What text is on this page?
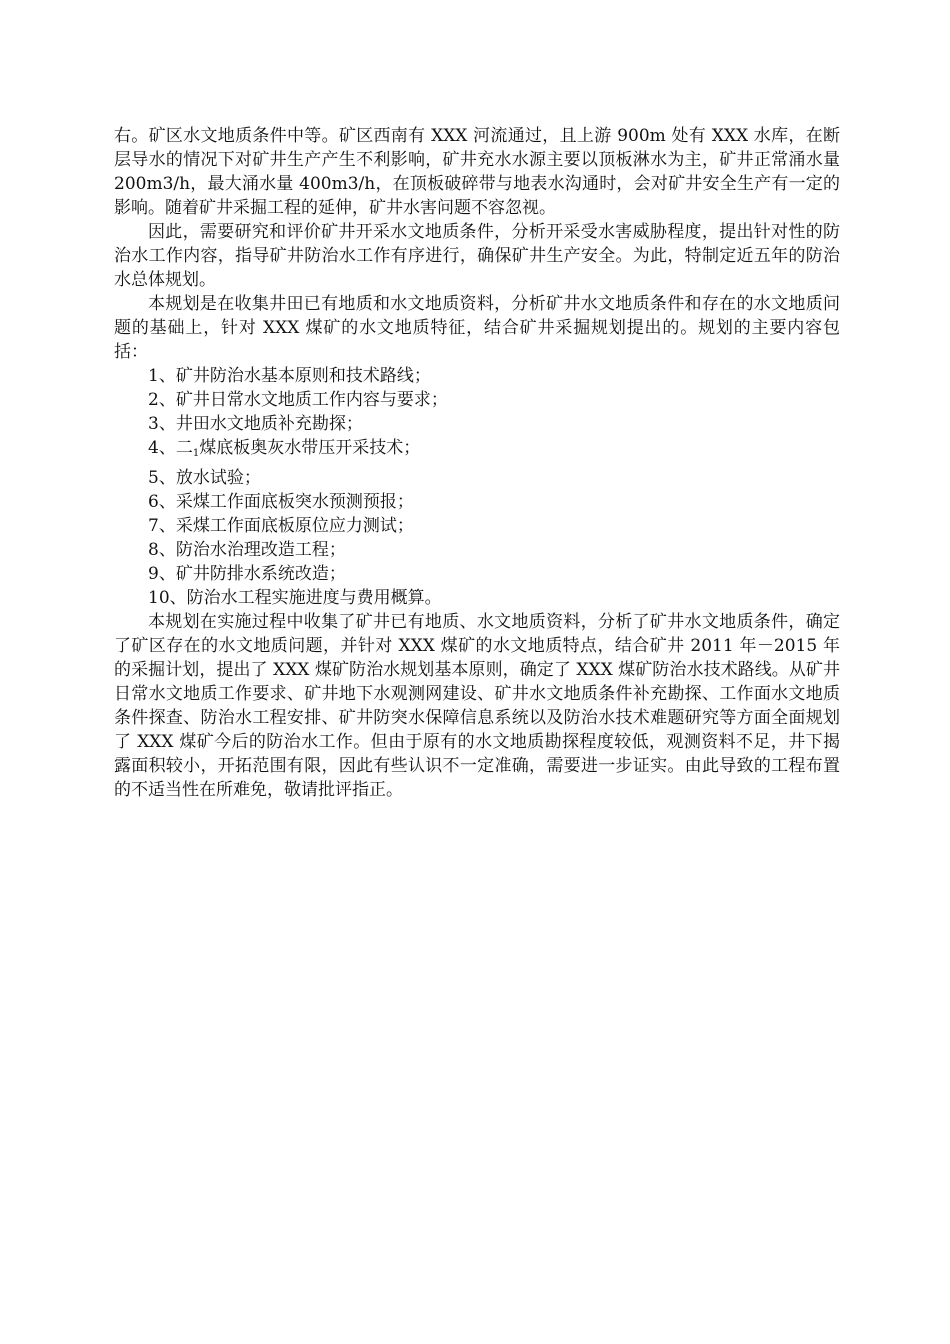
右。矿区水文地质条件中等。矿区西南有 XXX 河流通过，且上游 900m 处有 XXX 水库，在断层导水的情况下对矿井生产产生不利影响，矿井充水水源主要以顶板淋水为主，矿井正常涌水量 200m3/h，最大涌水量 400m3/h，在顶板破碎带与地表水沟通时，会对矿井安全生产有一定的影响。随着矿井采掘工程的延伸，矿井水害问题不容忽视。

因此，需要研究和评价矿井开采水文地质条件，分析开采受水害威胁程度，提出针对性的防治水工作内容，指导矿井防治水工作有序进行，确保矿井生产安全。为此，特制定近五年的防治水总体规划。

本规划是在收集井田已有地质和水文地质资料，分析矿井水文地质条件和存在的水文地质问题的基础上，针对 XXX 煤矿的水文地质特征，结合矿井采掘规划提出的。规划的主要内容包括：

1、矿井防治水基本原则和技术路线；
2、矿井日常水文地质工作内容与要求；
3、井田水文地质补充勘探；
4、二$_1$煤底板奥灰水带压开采技术；
5、放水试验；
6、采煤工作面底板突水预测预报；
7、采煤工作面底板原位应力测试；
8、防治水治理改造工程；
9、矿井防排水系统改造；
10、防治水工程实施进度与费用概算。

本规划在实施过程中收集了矿井已有地质、水文地质资料，分析了矿井水文地质条件，确定了矿区存在的水文地质问题，并针对 XXX 煤矿的水文地质特点，结合矿井 2011 年－2015 年的采掘计划，提出了 XXX 煤矿防治水规划基本原则，确定了 XXX 煤矿防治水技术路线。从矿井日常水文地质工作要求、矿井地下水观测网建设、矿井水文地质条件补充勘探、工作面水文地质条件探查、防治水工程安排、矿井防突水保障信息系统以及防治水技术难题研究等方面全面规划了 XXX 煤矿今后的防治水工作。但由于原有的水文地质勘探程度较低，观测资料不足，井下揭露面积较小，开拓范围有限，因此有些认识不一定准确，需要进一步证实。由此导致的工程布置的不适当性在所难免，敬请批评指正。
